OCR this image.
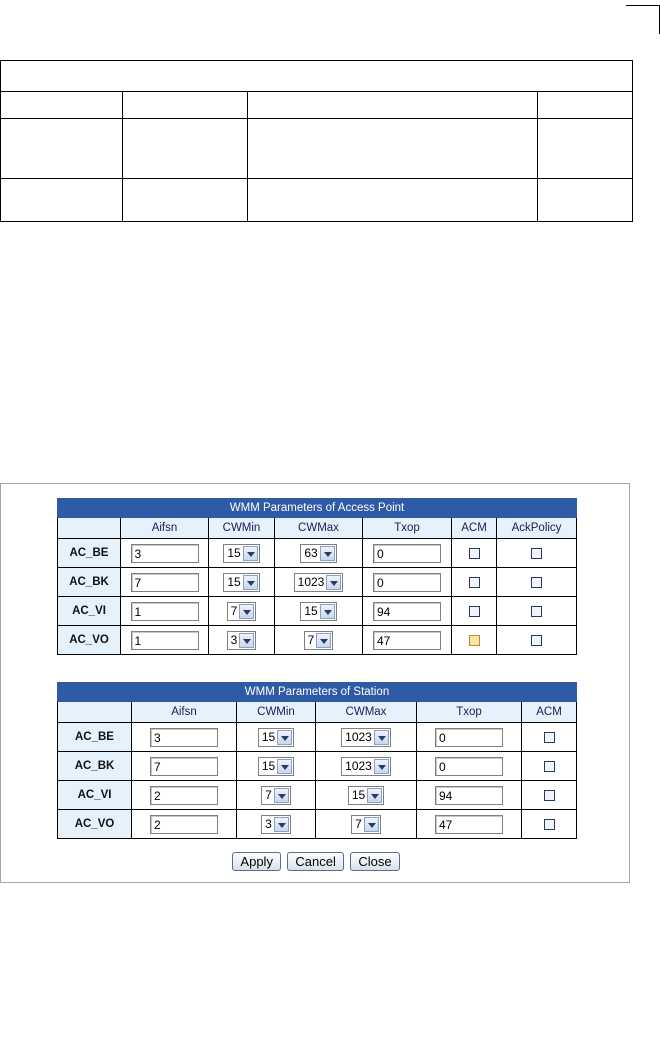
WMM Parameters of Access Point						
	Aifsn	CWMin	CWMax	Txop	ACM	AckPolicy
AC_BE	3	15	63	0		
AC_BK	7	15	1023	0		
AC_VI	1	7	15	94		
AC_VO	1	3	7	47		
WMM Parameters of Station					
	Aifsn	CWMin	CWMax	Txop	ACM
AC_BE	3	15	1023	0	
AC_BK	7	15	1023	0	
AC_VI	2	7	15	94	
AC_VO	2	3	7	47	
Apply Cancel Close
